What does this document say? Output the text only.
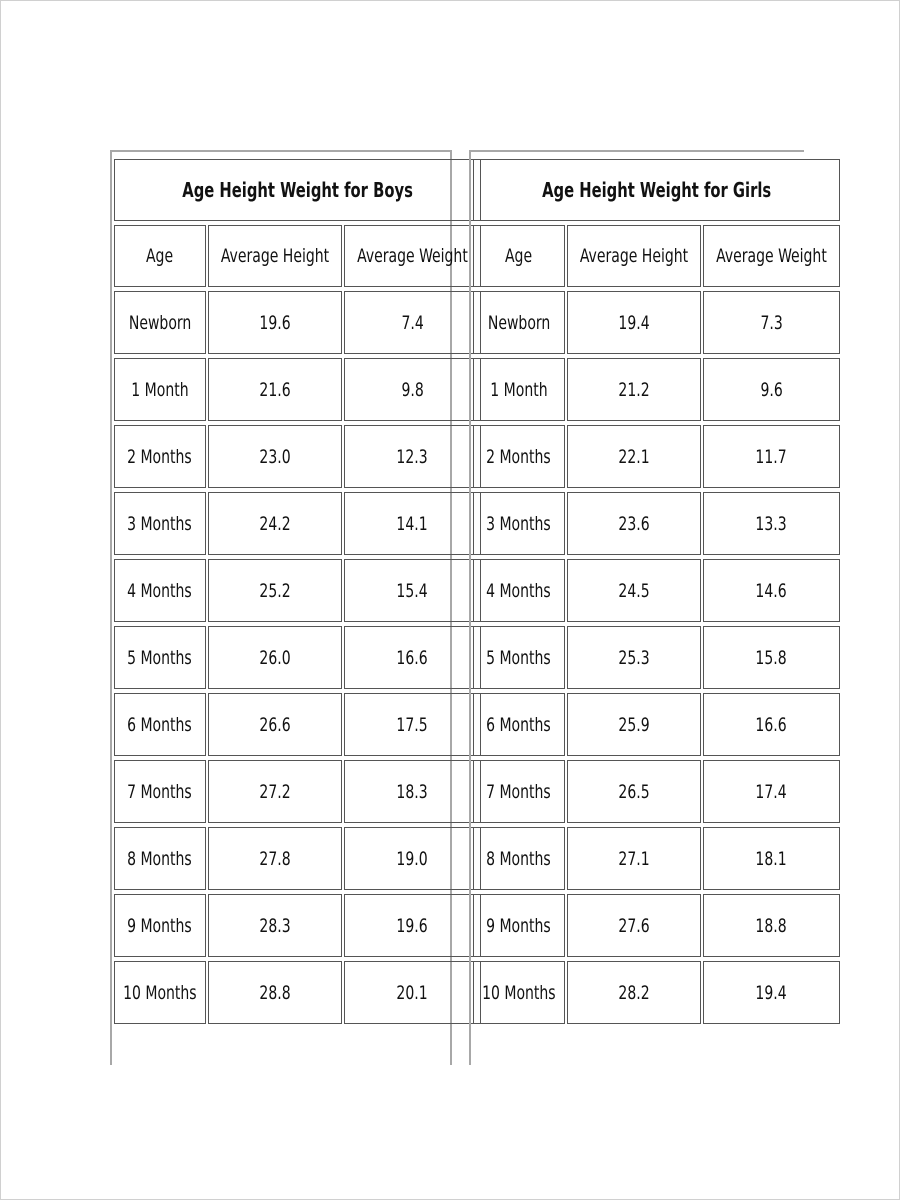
Age Height Weight for Boys		
Age	Average Height	Average Weight
Newborn	19.6	7.4
1 Month	21.6	9.8
2 Months	23.0	12.3
3 Months	24.2	14.1
4 Months	25.2	15.4
5 Months	26.0	16.6
6 Months	26.6	17.5
7 Months	27.2	18.3
8 Months	27.8	19.0
9 Months	28.3	19.6
10 Months	28.8	20.1
Age Height Weight for Girls		
Age	Average Height	Average Weight
Newborn	19.4	7.3
1 Month	21.2	9.6
2 Months	22.1	11.7
3 Months	23.6	13.3
4 Months	24.5	14.6
5 Months	25.3	15.8
6 Months	25.9	16.6
7 Months	26.5	17.4
8 Months	27.1	18.1
9 Months	27.6	18.8
10 Months	28.2	19.4
